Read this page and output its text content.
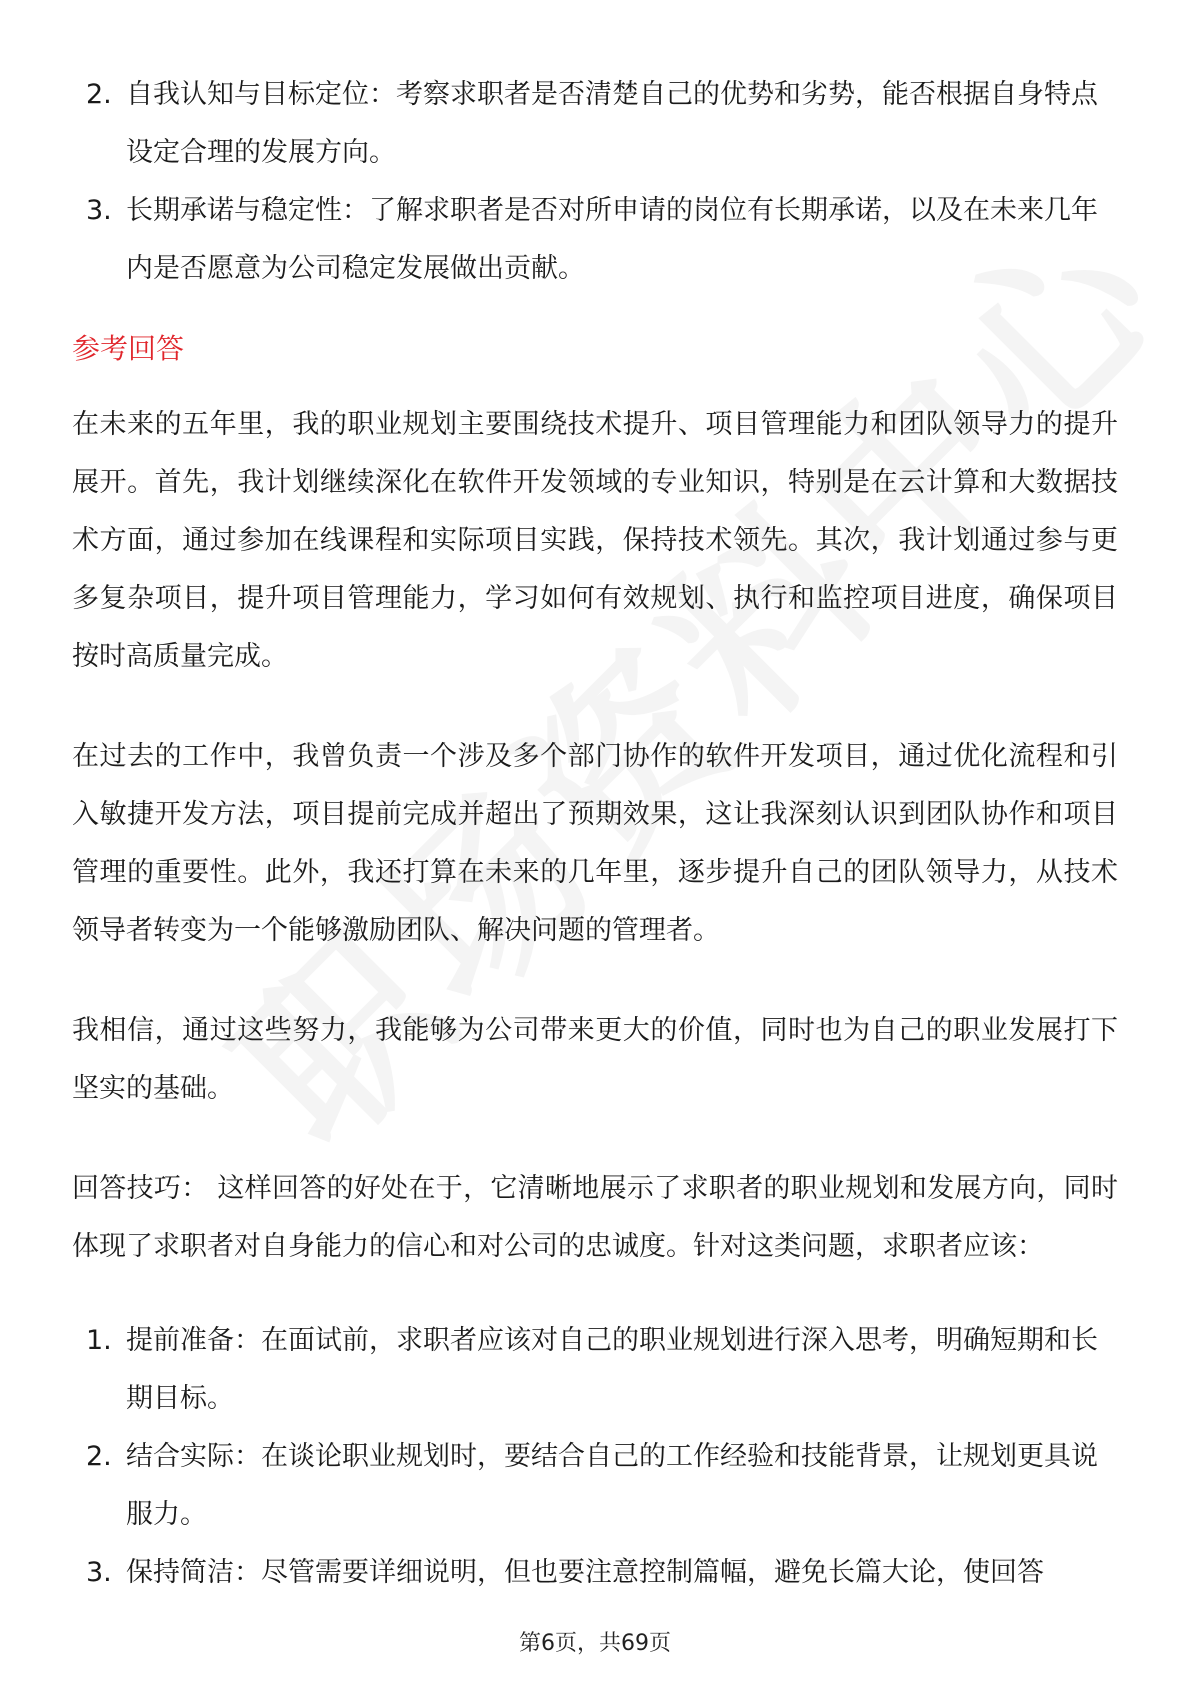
2. 自我认知与目标定位：考察求职者是否清楚自己的优势和劣势，能否根据自身特点设定合理的发展方向。
3. 长期承诺与稳定性：了解求职者是否对所申请的岗位有长期承诺，以及在未来几年内是否愿意为公司稳定发展做出贡献。
参考回答

在未来的五年里，我的职业规划主要围绕技术提升、项目管理能力和团队领导力的提升展开。首先，我计划继续深化在软件开发领域的专业知识，特别是在云计算和大数据技术方面，通过参加在线课程和实际项目实践，保持技术领先。其次，我计划通过参与更多复杂项目，提升项目管理能力，学习如何有效规划、执行和监控项目进度，确保项目按时高质量完成。

在过去的工作中，我曾负责一个涉及多个部门协作的软件开发项目，通过优化流程和引入敏捷开发方法，项目提前完成并超出了预期效果，这让我深刻认识到团队协作和项目管理的重要性。此外，我还打算在未来的几年里，逐步提升自己的团队领导力，从技术领导者转变为一个能够激励团队、解决问题的管理者。

我相信，通过这些努力，我能够为公司带来更大的价值，同时也为自己的职业发展打下坚实的基础。

回答技巧： 这样回答的好处在于，它清晰地展示了求职者的职业规划和发展方向，同时体现了求职者对自身能力的信心和对公司的忠诚度。针对这类问题，求职者应该：

1. 提前准备：在面试前，求职者应该对自己的职业规划进行深入思考，明确短期和长期目标。
2. 结合实际：在谈论职业规划时，要结合自己的工作经验和技能背景，让规划更具说服力。
3. 保持简洁：尽管需要详细说明，但也要注意控制篇幅，避免长篇大论，使回答
第6页，共69页
